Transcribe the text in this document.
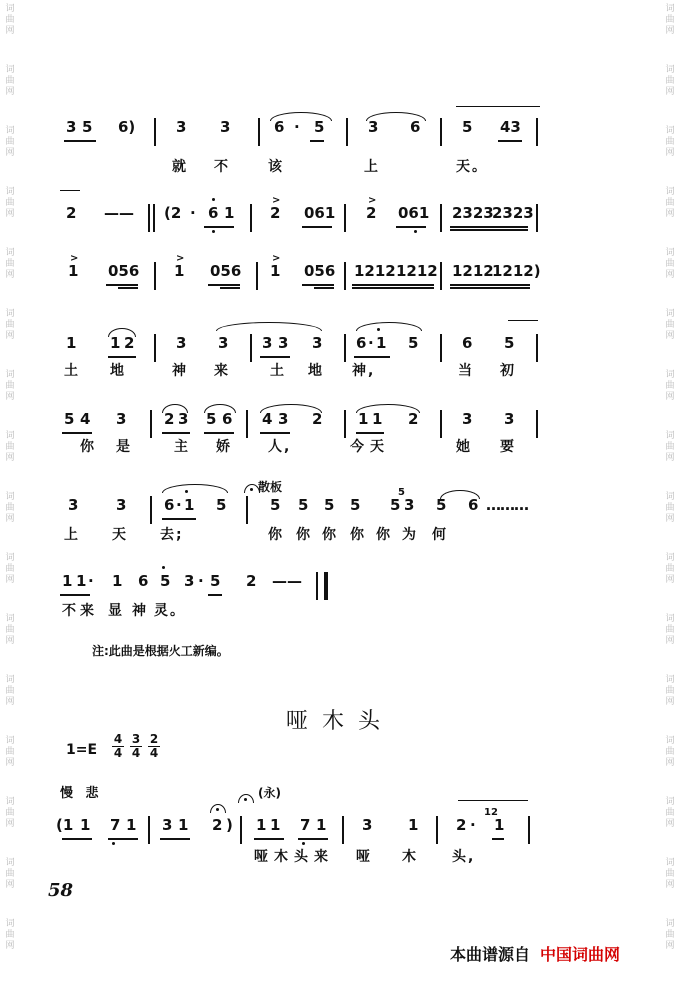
词
曲
网
词
曲
网
词
曲
网
词
曲
网
词
曲
网
词
曲
网
词
曲
网
词
曲
网
词
曲
网
词
曲
网
词
曲
网
词
曲
网
词
曲
网
词
曲
网
词
曲
网
词
曲
网
词
曲
网
词
曲
网
词
曲
网
词
曲
网
词
曲
网
词
曲
网
词
曲
网
词
曲
网
词
曲
网
词
曲
网
词
曲
网
词
曲
网
词
曲
网
词
曲
网
词
曲
网
词
曲
网
3 5 6)	3 3	6 · 5	3 6	5 43
就 不	该	上	天。
2 —— (2 · 6 1
>
2 061
>
2 061 2323
2323
>
1 056
>
1 056
>
1 056 1212 1212 1212
1212)
1 1 2	3 3 3 3 3 6 · 1 5	6 5
土 地	神 来	土 地 神,	当 初
5 4 3	2 3 5 6 4 3 2 1 1 2	3 3
你 是	主 娇	人,	今 天	她 要
3	3	6 · 1 5
散板
5 5 5 5 5
5
3 5 6 ………
上 天 去;	你 你 你 你 你 为 何
1 1 · 1 6 5 3 · 5 2 ——
不 来 显 神 灵。
注:此曲是根据火工新编。
哑木头
$1=E \frac{4}{4} \frac{3}{4} \frac{2}{4}$
慢 悲	(永)
(1 1 7 1 3 1 2 ) 1 1 7 1 3 1	2 ·
12
1
哑 木 头 来 哑 木 头,
58
本曲谱源自 中国词曲网
